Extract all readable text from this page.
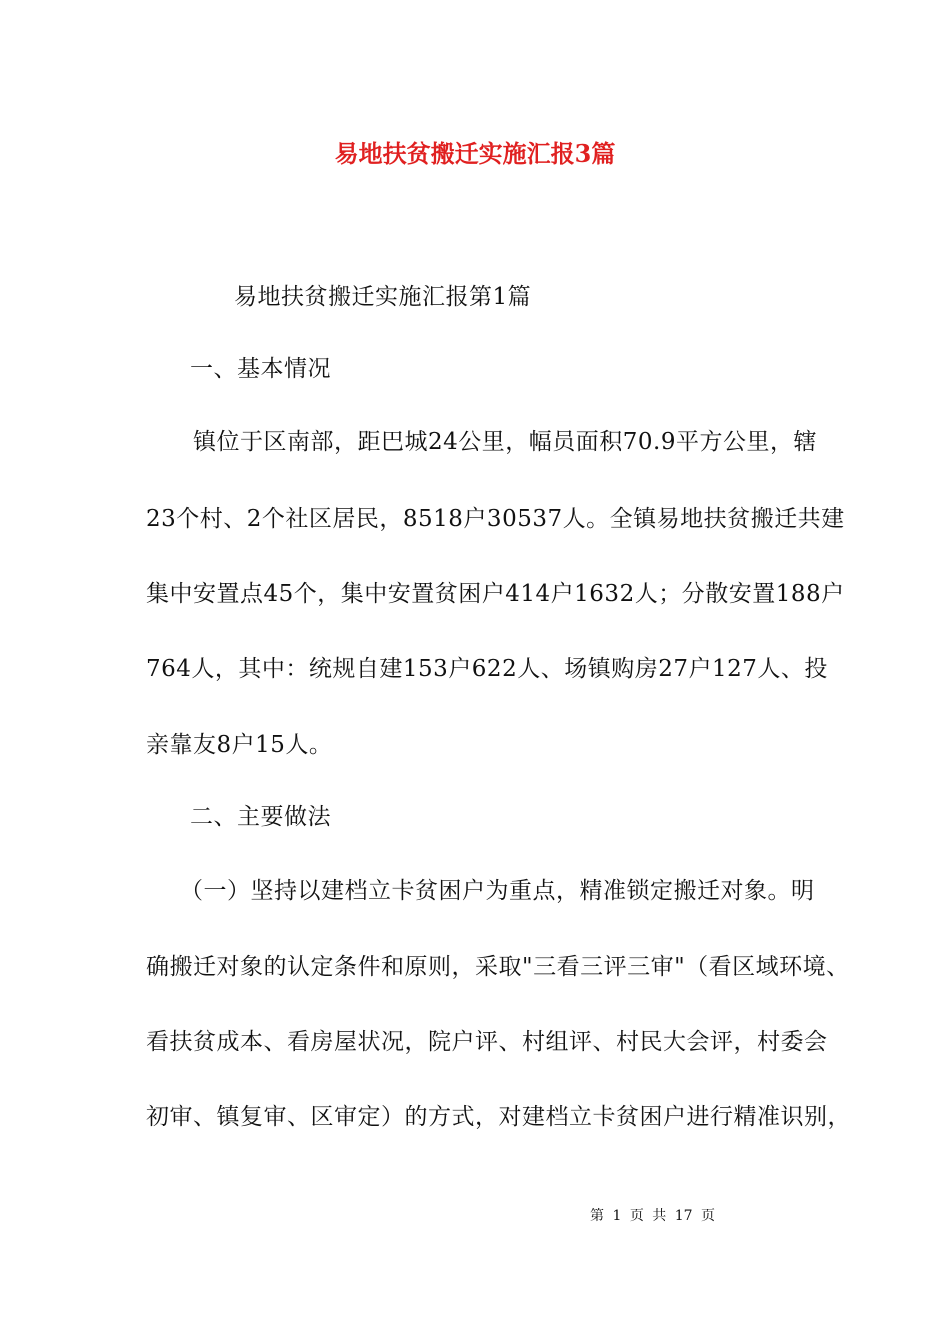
易地扶贫搬迁实施汇报3篇
易地扶贫搬迁实施汇报第1篇
一、基本情况
镇位于区南部，距巴城24公里，幅员面积70.9平方公里，辖
23个村、2个社区居民，8518户30537人。全镇易地扶贫搬迁共建
集中安置点45个，集中安置贫困户414户1632人；分散安置188户
764人，其中：统规自建153户622人、场镇购房27户127人、投
亲靠友8户15人。
二、主要做法
（一）坚持以建档立卡贫困户为重点，精准锁定搬迁对象。明
确搬迁对象的认定条件和原则，采取"三看三评三审"（看区域环境、
看扶贫成本、看房屋状况，院户评、村组评、村民大会评，村委会
初审、镇复审、区审定）的方式，对建档立卡贫困户进行精准识别，
第 1 页 共 17 页
